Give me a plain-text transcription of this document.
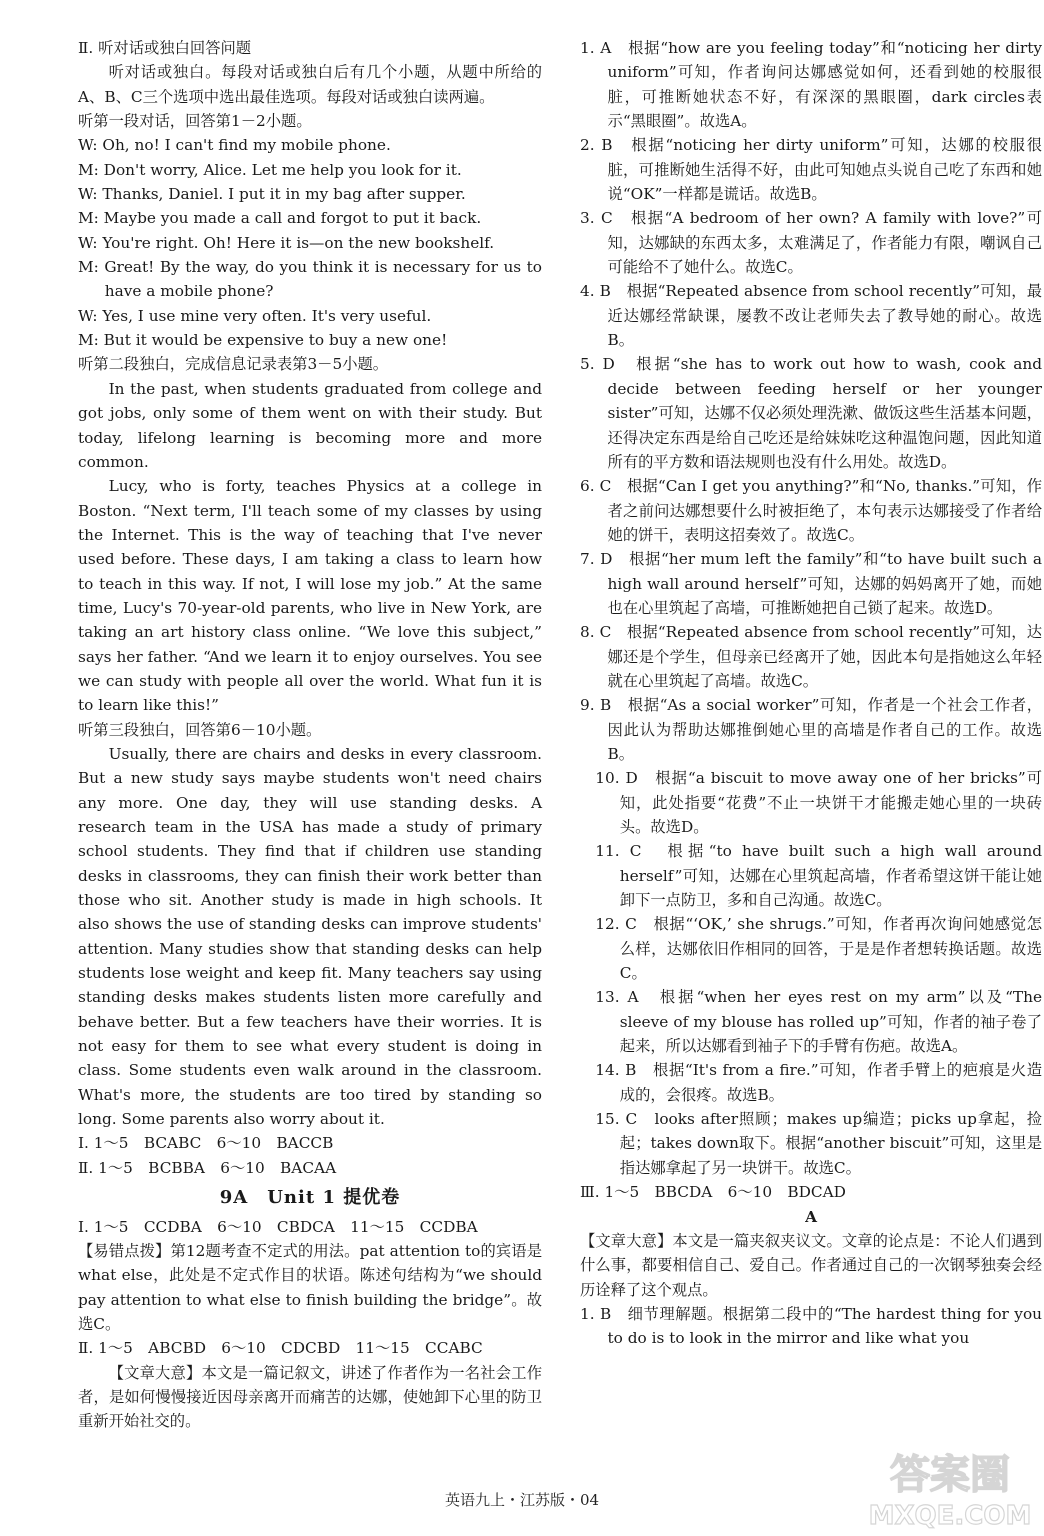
Ⅱ. 听对话或独白回答问题

听对话或独白。每段对话或独白后有几个小题，从题中所给的A、B、C三个选项中选出最佳选项。每段对话或独白读两遍。

听第一段对话，回答第1－2小题。

W: Oh, no! I can't find my mobile phone.

M: Don't worry, Alice. Let me help you look for it.

W: Thanks, Daniel. I put it in my bag after supper.

M: Maybe you made a call and forgot to put it back.

W: You're right. Oh! Here it is—on the new bookshelf.

M: Great! By the way, do you think it is necessary for us to have a mobile phone?

W: Yes, I use mine very often. It's very useful.

M: But it would be expensive to buy a new one!

听第二段独白，完成信息记录表第3－5小题。

In the past, when students graduated from college and got jobs, only some of them went on with their study. But today, lifelong learning is becoming more and more common.

Lucy, who is forty, teaches Physics at a college in Boston. “Next term, I'll teach some of my classes by using the Internet. This is the way of teaching that I've never used before. These days, I am taking a class to learn how to teach in this way. If not, I will lose my job.” At the same time, Lucy's 70-year-old parents, who live in New York, are taking an art history class online. “We love this subject,” says her father. “And we learn it to enjoy ourselves. You see we can study with people all over the world. What fun it is to learn like this!”

听第三段独白，回答第6－10小题。

Usually, there are chairs and desks in every classroom. But a new study says maybe students won't need chairs any more. One day, they will use standing desks. A research team in the USA has made a study of primary school students. They find that if children use standing desks in classrooms, they can finish their work better than those who sit. Another study is made in high schools. It also shows the use of standing desks can improve students' attention. Many studies show that standing desks can help students lose weight and keep fit. Many teachers say using standing desks makes students listen more carefully and behave better. But a few teachers have their worries. It is not easy for them to see what every student is doing in class. Some students even walk around in the classroom. What's more, the students are too tired by standing so long. Some parents also worry about it.

Ⅰ. 1～5　BCABC　6～10　BACCB

Ⅱ. 1～5　BCBBA　6～10　BACAA

9A　Unit 1 提优卷

Ⅰ. 1～5　CCDBA　6～10　CBDCA　11～15　CCDBA

【易错点拨】第12题考查不定式的用法。pat attention to的宾语是 what else，此处是不定式作目的状语。陈述句结构为“we should pay attention to what else to finish building the bridge”。故选C。

Ⅱ. 1～5　ABCBD　6～10　CDCBD　11～15　CCABC

【文章大意】本文是一篇记叙文，讲述了作者作为一名社会工作者，是如何慢慢接近因母亲离开而痛苦的达娜，使她卸下心里的防卫重新开始社交的。

1. A　根据“how are you feeling today”和“noticing her dirty uniform”可知，作者询问达娜感觉如何，还看到她的校服很脏，可推断她状态不好，有深深的黑眼圈，dark circles表示“黑眼圈”。故选A。

2. B　根据“noticing her dirty uniform”可知，达娜的校服很脏，可推断她生活得不好，由此可知她点头说自己吃了东西和她说“OK”一样都是谎话。故选B。

3. C　根据“A bedroom of her own? A family with love?”可知，达娜缺的东西太多，太难满足了，作者能力有限，嘲讽自己可能给不了她什么。故选C。

4. B　根据“Repeated absence from school recently”可知，最近达娜经常缺课，屡教不改让老师失去了教导她的耐心。故选B。

5. D　根据“she has to work out how to wash, cook and decide between feeding herself or her younger sister”可知，达娜不仅必须处理洗漱、做饭这些生活基本问题，还得决定东西是给自己吃还是给妹妹吃这种温饱问题，因此知道所有的平方数和语法规则也没有什么用处。故选D。

6. C　根据“Can I get you anything?”和“No, thanks.”可知，作者之前问达娜想要什么时被拒绝了，本句表示达娜接受了作者给她的饼干，表明这招奏效了。故选C。

7. D　根据“her mum left the family”和“to have built such a high wall around herself”可知，达娜的妈妈离开了她，而她也在心里筑起了高墙，可推断她把自己锁了起来。故选D。

8. C　根据“Repeated absence from school recently”可知，达娜还是个学生，但母亲已经离开了她，因此本句是指她这么年轻就在心里筑起了高墙。故选C。

9. B　根据“As a social worker”可知，作者是一个社会工作者，因此认为帮助达娜推倒她心里的高墙是作者自己的工作。故选B。

10. D　根据“a biscuit to move away one of her bricks”可知，此处指要“花费”不止一块饼干才能搬走她心里的一块砖头。故选D。

11. C　根据“to have built such a high wall around herself”可知，达娜在心里筑起高墙，作者希望这饼干能让她卸下一点防卫，多和自己沟通。故选C。

12. C　根据“‘OK,’ she shrugs.”可知，作者再次询问她感觉怎么样，达娜依旧作相同的回答，于是是作者想转换话题。故选C。

13. A　根据“when her eyes rest on my arm”以及“The sleeve of my blouse has rolled up”可知，作者的袖子卷了起来，所以达娜看到袖子下的手臂有伤疤。故选A。

14. B　根据“It's from a fire.”可知，作者手臂上的疤痕是火造成的，会很疼。故选B。

15. C　looks after照顾；makes up编造；picks up拿起，捡起；takes down取下。根据“another biscuit”可知，这里是指达娜拿起了另一块饼干。故选C。

Ⅲ. 1～5　BBCDA　6～10　BDCAD

A

【文章大意】本文是一篇夹叙夹议文。文章的论点是：不论人们遇到什么事，都要相信自己、爱自己。作者通过自己的一次钢琴独奏会经历诠释了这个观点。

1. B　细节理解题。根据第二段中的“The hardest thing for you to do is to look in the mirror and like what you

英语九上・江苏版・04
答案圈
MXQE.COM
